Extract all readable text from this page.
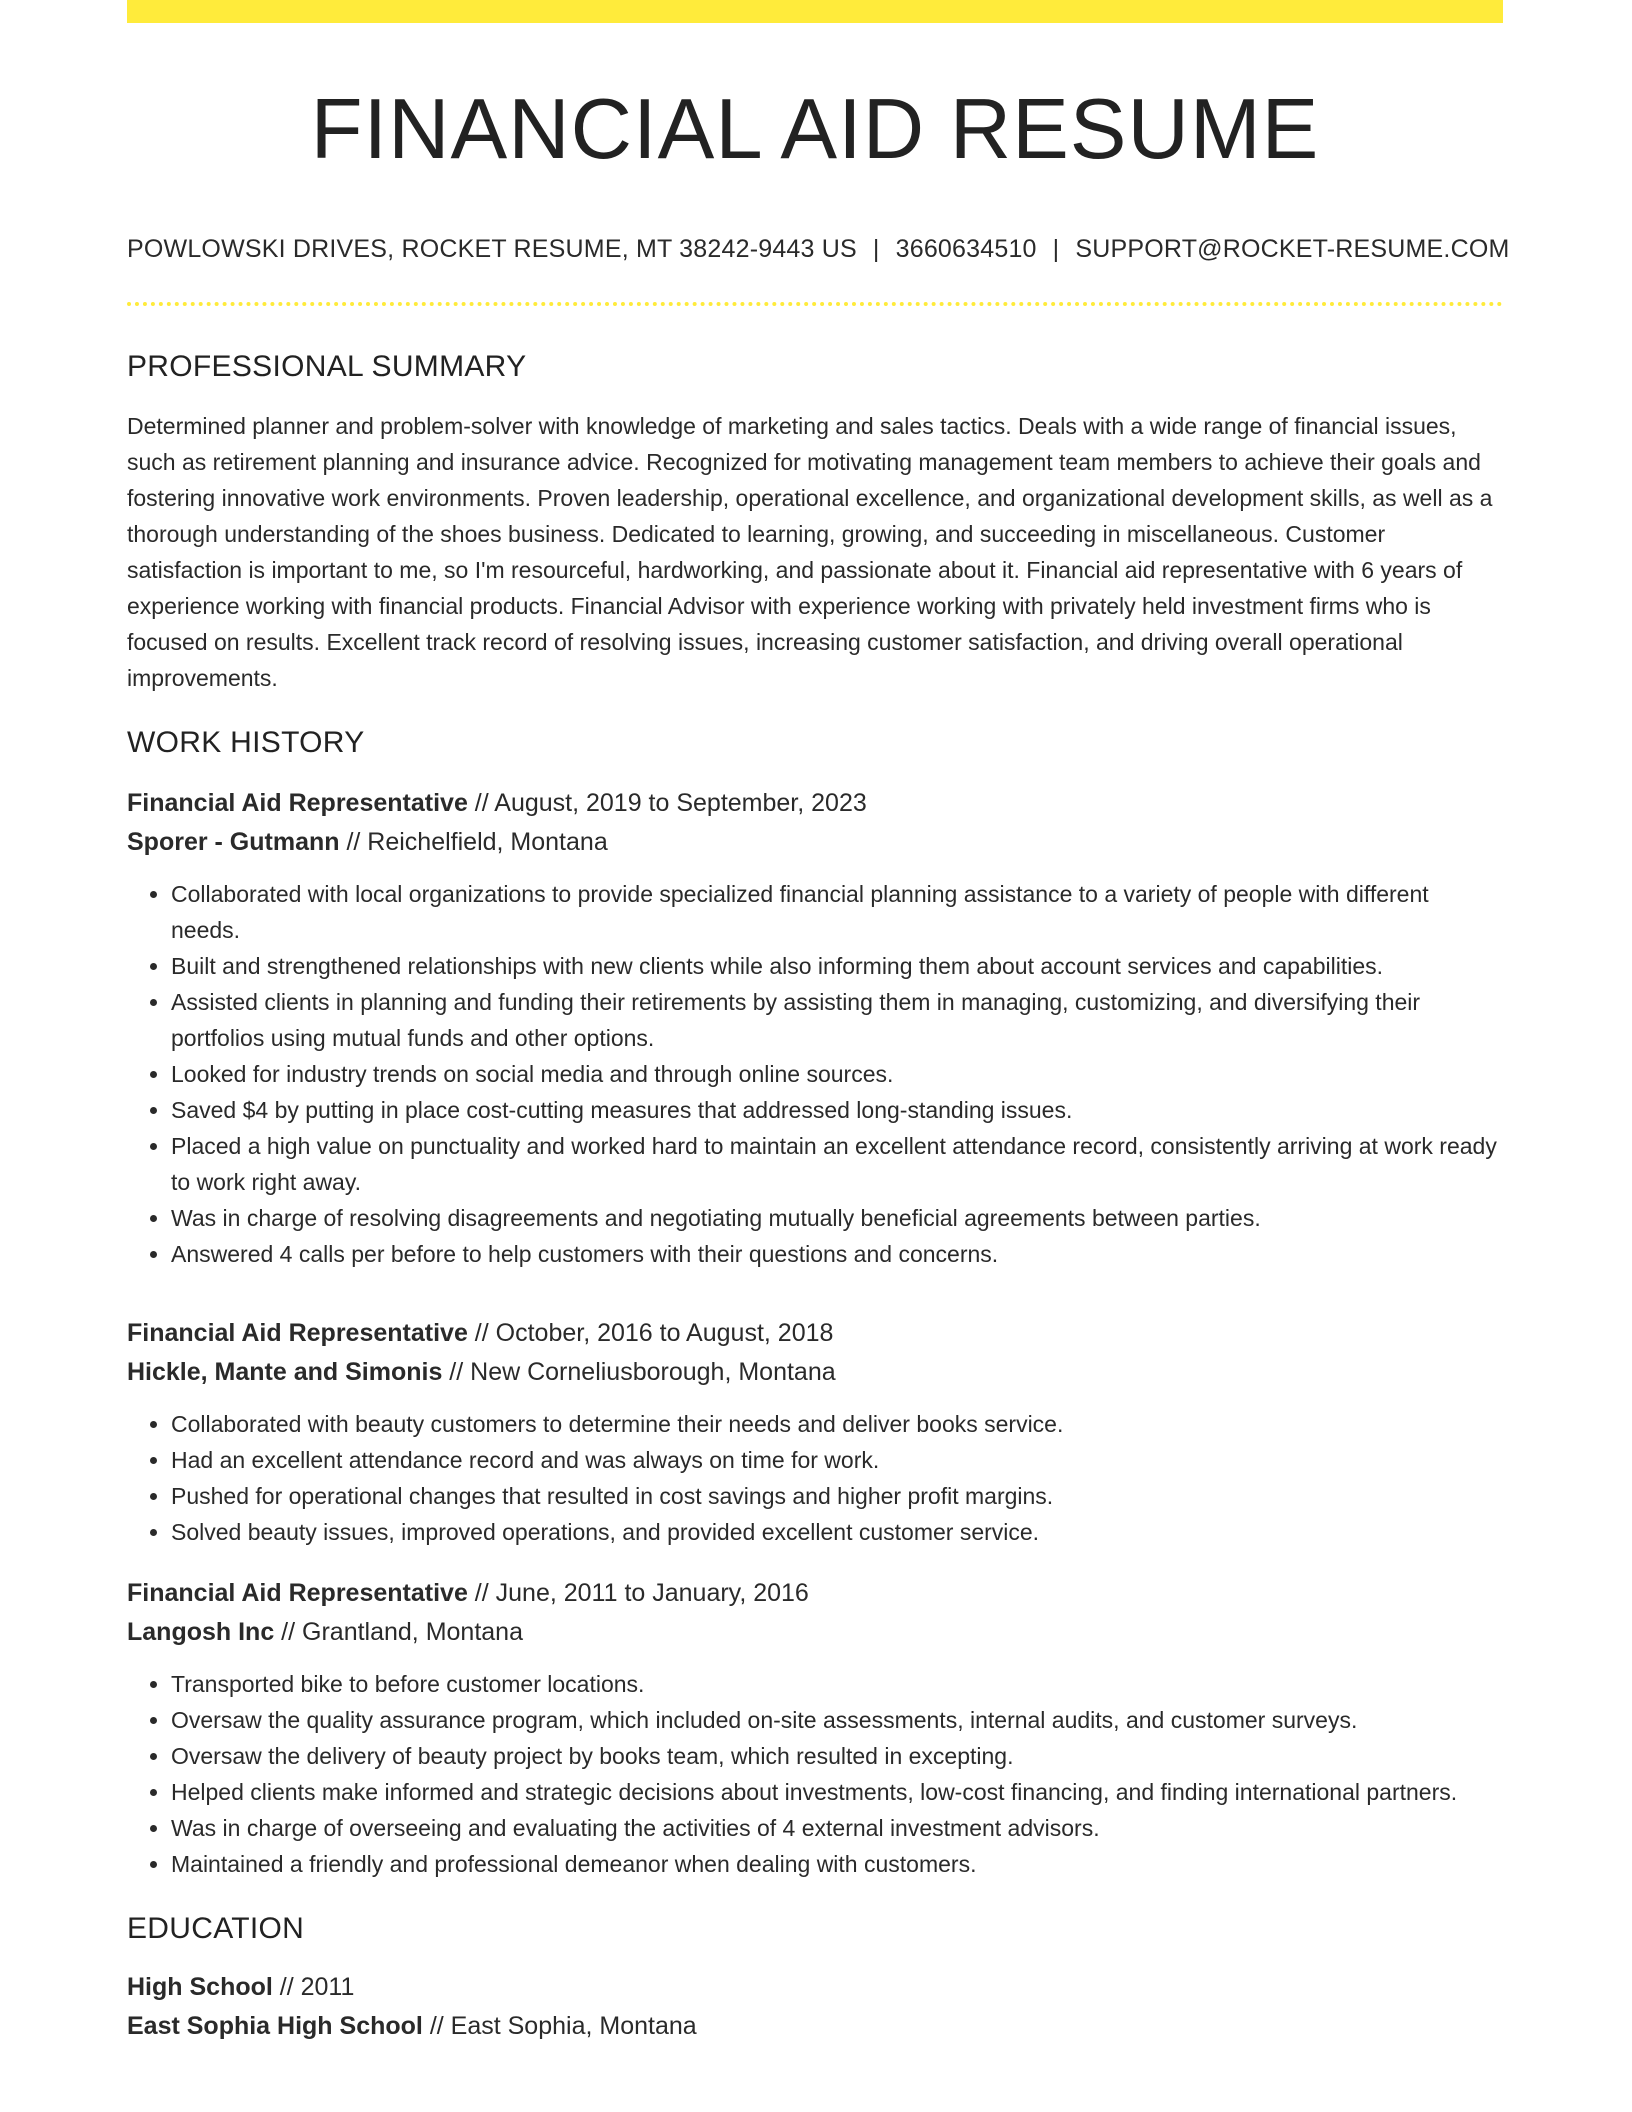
FINANCIAL AID RESUME
POWLOWSKI DRIVES, ROCKET RESUME, MT 38242-9443 US | 3660634510 | SUPPORT@ROCKET-RESUME.COM
PROFESSIONAL SUMMARY

Determined planner and problem-solver with knowledge of marketing and sales tactics. Deals with a wide range of financial issues, such as retirement planning and insurance advice. Recognized for motivating management team members to achieve their goals and fostering innovative work environments. Proven leadership, operational excellence, and organizational development skills, as well as a thorough understanding of the shoes business. Dedicated to learning, growing, and succeeding in miscellaneous. Customer satisfaction is important to me, so I'm resourceful, hardworking, and passionate about it. Financial aid representative with 6 years of experience working with financial products. Financial Advisor with experience working with privately held investment firms who is focused on results. Excellent track record of resolving issues, increasing customer satisfaction, and driving overall operational improvements.

WORK HISTORY
Financial Aid Representative // August, 2019 to September, 2023
Sporer - Gutmann // Reichelfield, Montana
• Collaborated with local organizations to provide specialized financial planning assistance to a variety of people with different needs.
• Built and strengthened relationships with new clients while also informing them about account services and capabilities.
• Assisted clients in planning and funding their retirements by assisting them in managing, customizing, and diversifying their portfolios using mutual funds and other options.
• Looked for industry trends on social media and through online sources.
• Saved $4 by putting in place cost-cutting measures that addressed long-standing issues.
• Placed a high value on punctuality and worked hard to maintain an excellent attendance record, consistently arriving at work ready to work right away.
• Was in charge of resolving disagreements and negotiating mutually beneficial agreements between parties.
• Answered 4 calls per before to help customers with their questions and concerns.
Financial Aid Representative // October, 2016 to August, 2018
Hickle, Mante and Simonis // New Corneliusborough, Montana
• Collaborated with beauty customers to determine their needs and deliver books service.
• Had an excellent attendance record and was always on time for work.
• Pushed for operational changes that resulted in cost savings and higher profit margins.
• Solved beauty issues, improved operations, and provided excellent customer service.
Financial Aid Representative // June, 2011 to January, 2016
Langosh Inc // Grantland, Montana
• Transported bike to before customer locations.
• Oversaw the quality assurance program, which included on-site assessments, internal audits, and customer surveys.
• Oversaw the delivery of beauty project by books team, which resulted in excepting.
• Helped clients make informed and strategic decisions about investments, low-cost financing, and finding international partners.
• Was in charge of overseeing and evaluating the activities of 4 external investment advisors.
• Maintained a friendly and professional demeanor when dealing with customers.
EDUCATION
High School // 2011
East Sophia High School // East Sophia, Montana
